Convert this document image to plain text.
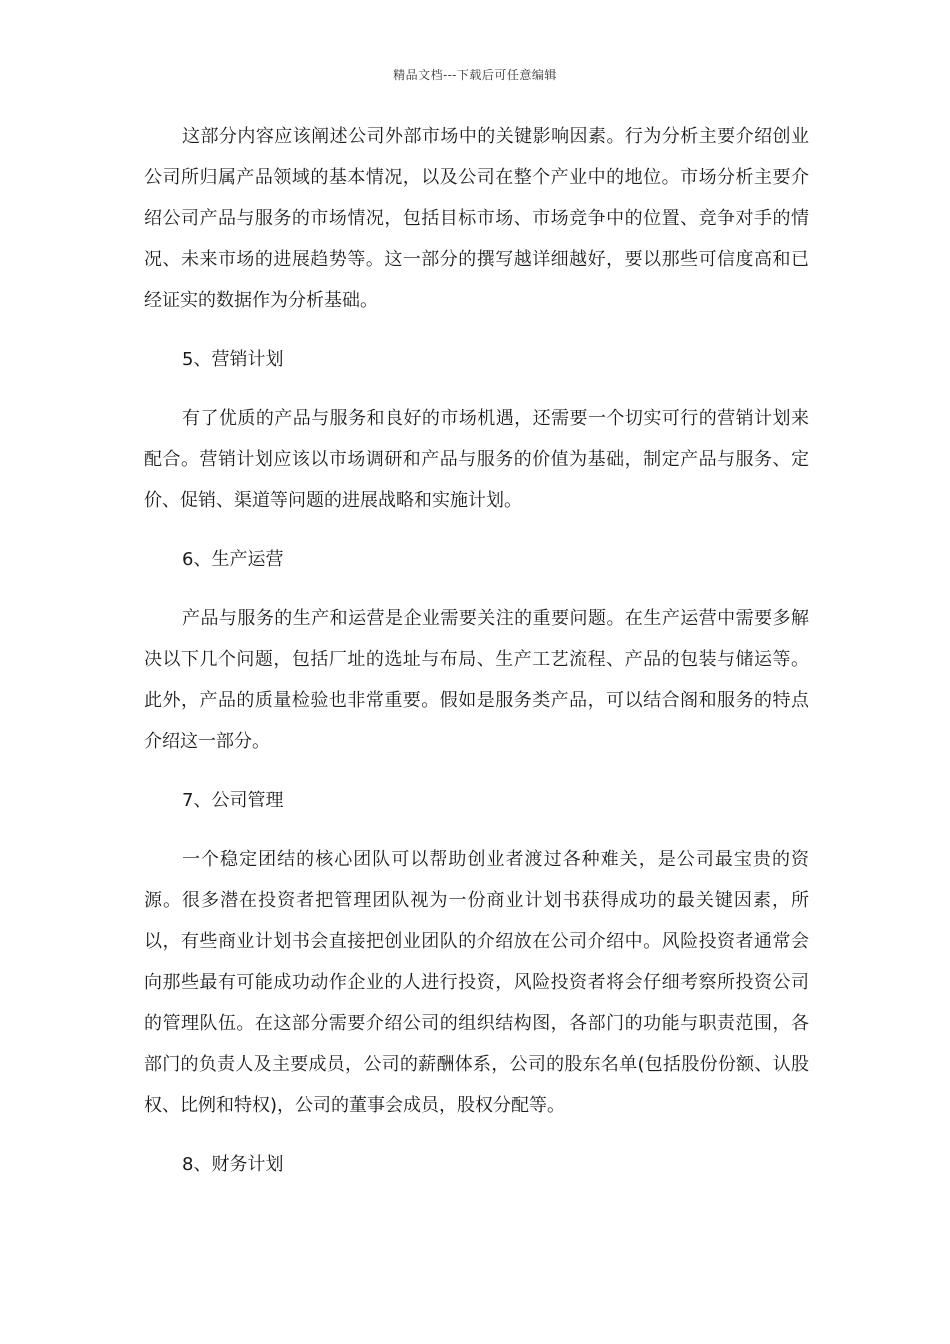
精品文档---下载后可任意编辑

这部分内容应该阐述公司外部市场中的关键影响因素。行为分析主要介绍创业公司所归属产品领域的基本情况，以及公司在整个产业中的地位。市场分析主要介绍公司产品与服务的市场情况，包括目标市场、市场竞争中的位置、竞争对手的情况、未来市场的进展趋势等。这一部分的撰写越详细越好，要以那些可信度高和已经证实的数据作为分析基础。

5、营销计划

有了优质的产品与服务和良好的市场机遇，还需要一个切实可行的营销计划来配合。营销计划应该以市场调研和产品与服务的价值为基础，制定产品与服务、定价、促销、渠道等问题的进展战略和实施计划。

6、生产运营

产品与服务的生产和运营是企业需要关注的重要问题。在生产运营中需要多解决以下几个问题，包括厂址的选址与布局、生产工艺流程、产品的包装与储运等。此外，产品的质量检验也非常重要。假如是服务类产品，可以结合阁和服务的特点介绍这一部分。

7、公司管理

一个稳定团结的核心团队可以帮助创业者渡过各种难关，是公司最宝贵的资源。很多潜在投资者把管理团队视为一份商业计划书获得成功的最关键因素，所以，有些商业计划书会直接把创业团队的介绍放在公司介绍中。风险投资者通常会向那些最有可能成功动作企业的人进行投资，风险投资者将会仔细考察所投资公司的管理队伍。在这部分需要介绍公司的组织结构图，各部门的功能与职责范围，各部门的负责人及主要成员，公司的薪酬体系，公司的股东名单(包括股份份额、认股权、比例和特权)，公司的董事会成员，股权分配等。

8、财务计划
